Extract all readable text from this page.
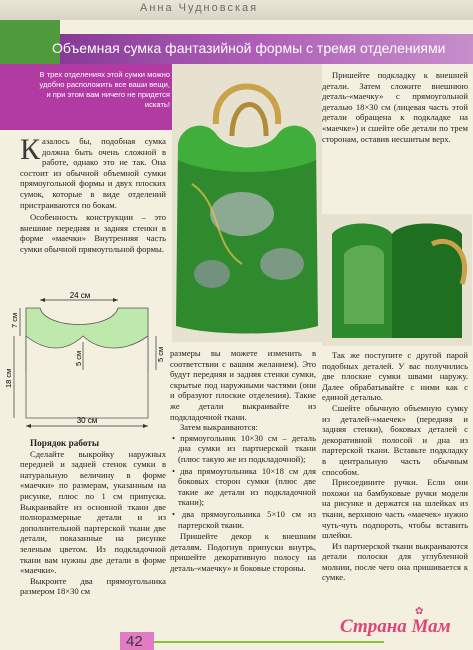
Анна Чудновская
Объемная сумка фантазийной формы с тремя отделениями
В трех отделениях этой сумки можно удобно расположить все ваши вещи, и при этом вам ничего не придется искать!
К азалось бы, подобная сумка должна быть очень сложной в работе, однако это не так. Она состоит из обычной объемной сумки прямоугольной формы и двух плоских сумок, которые в виде отделений пристраиваются по бокам.

Особенность конструкции – это внешние передняя и задняя стенки в форме «маечки» Внутренняя часть сумки обычной прямоугольной формы.

24 см
7 см
18 см
5 см
5 см
30 см
Порядок работы

Сделайте выкройку наружных передней и задней стенок сумки в натуральную величину в форме «маечки» по размерам, указанным на рисунке, плюс по 1 см припуска. Выкраивайте из основной ткани две полноразмерные детали и из дополнительной партерской ткани две детали, показанные на рисунке зеленым цветом. Из подкладочной ткани вам нужны две детали в форме «маечки».

Выкроите два прямоугольника размером 18×30 см

Пришейте подкладку к внешней детали. Затем сложите внешнюю деталь-«маечку» с прямоугольной деталью 18×30 см (лицевая часть этой детали обращена к подкладке на «маечке») и сшейте обе детали по трем сторонам, оставив несшитым верх.

размеры вы можете изменить в соответствии с вашим желанием). Это будут передняя и задняя стенки сумки, скрытые под наружными частями (они и образуют плоские отделения). Такие же детали выкраивайте из подкладочной ткани.

Затем выкраиваются:

• прямоугольник 10×30 см – деталь дна сумки из партнерской ткани (плюс такую же из подкладочной);

• два прямоугольника 10×18 см для боковых сторон сумки (плюс две такие же детали из подкладочной ткани);

• два прямоугольника 5×10 см из партерской ткани.

Пришейте декор к внешним деталям. Подогнув припуски внутрь, пришейте декоративную полосу на деталь-«маечку» и боковые стороны.

Так же поступите с другой парой подобных деталей. У вас получились две плоские сумки швами наружу. Далее обрабатывайте с ними как с единой деталью.

Сшейте обычную объемную сумку из деталей-«маечек» (передняя и задняя стенки), боковых деталей с декоративной полосой и дна из партерской ткани. Вставьте подкладку в центральную часть обычным способом.

Присоедините ручки. Если они похожи на бамбуковые ручки модели на рисунке и держатся на шлейках из ткани, верхнюю часть «маечек» нужно чуть-чуть подпороть, чтобы вставить шлейки.

Из партнерской ткани выкраиваются детали полоски для углубленной молнии, после чего она пришивается к сумке.

42
✿
Страна Мам
